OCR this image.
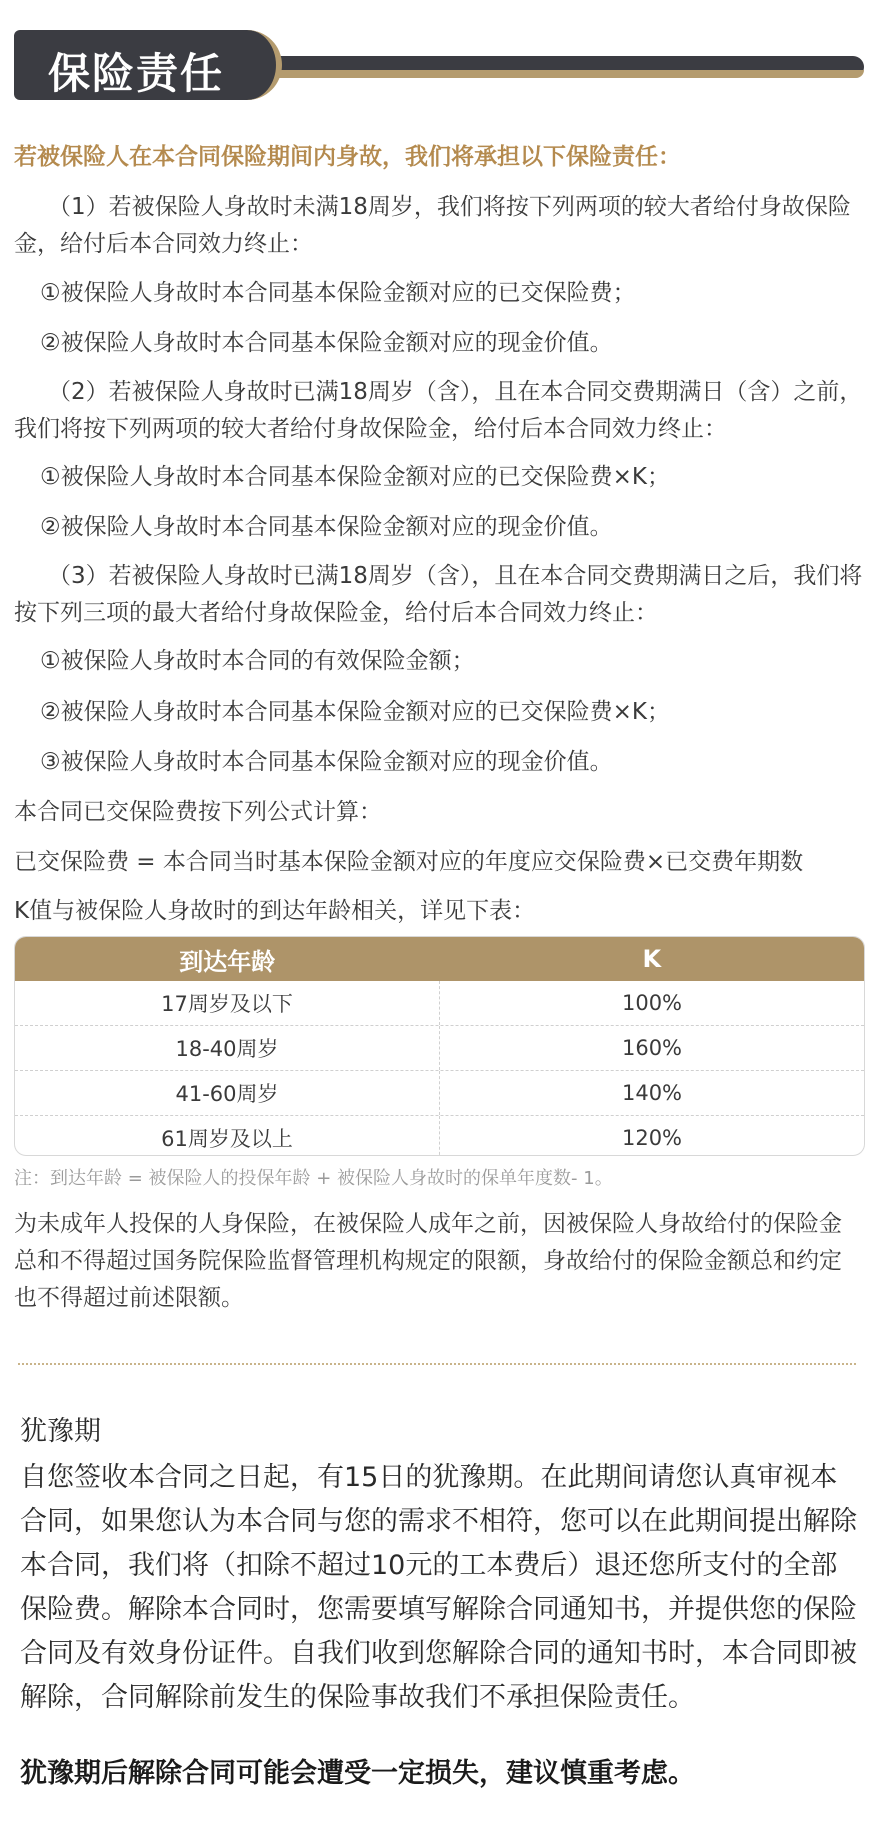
保险责任
若被保险人在本合同保险期间内身故，我们将承担以下保险责任：
（1）若被保险人身故时未满18周岁，我们将按下列两项的较大者给付身故保险金，给付后本合同效力终止：
①被保险人身故时本合同基本保险金额对应的已交保险费；
②被保险人身故时本合同基本保险金额对应的现金价值。
（2）若被保险人身故时已满18周岁（含），且在本合同交费期满日（含）之前，我们将按下列两项的较大者给付身故保险金，给付后本合同效力终止：
①被保险人身故时本合同基本保险金额对应的已交保险费×K；
②被保险人身故时本合同基本保险金额对应的现金价值。
（3）若被保险人身故时已满18周岁（含），且在本合同交费期满日之后，我们将按下列三项的最大者给付身故保险金，给付后本合同效力终止：
①被保险人身故时本合同的有效保险金额；
②被保险人身故时本合同基本保险金额对应的已交保险费×K；
③被保险人身故时本合同基本保险金额对应的现金价值。
本合同已交保险费按下列公式计算：
已交保险费 = 本合同当时基本保险金额对应的年度应交保险费×已交费年期数
K值与被保险人身故时的到达年龄相关，详见下表：
到达年龄	K
17周岁及以下	100%
18-40周岁	160%
41-60周岁	140%
61周岁及以上	120%
注：到达年龄 = 被保险人的投保年龄 + 被保险人身故时的保单年度数- 1。
为未成年人投保的人身保险，在被保险人成年之前，因被保险人身故给付的保险金总和不得超过国务院保险监督管理机构规定的限额，身故给付的保险金额总和约定也不得超过前述限额。
犹豫期
自您签收本合同之日起，有15日的犹豫期。在此期间请您认真审视本合同，如果您认为本合同与您的需求不相符，您可以在此期间提出解除本合同，我们将（扣除不超过10元的工本费后）退还您所支付的全部保险费。解除本合同时，您需要填写解除合同通知书，并提供您的保险合同及有效身份证件。自我们收到您解除合同的通知书时，本合同即被解除，合同解除前发生的保险事故我们不承担保险责任。
犹豫期后解除合同可能会遭受一定损失，建议慎重考虑。
